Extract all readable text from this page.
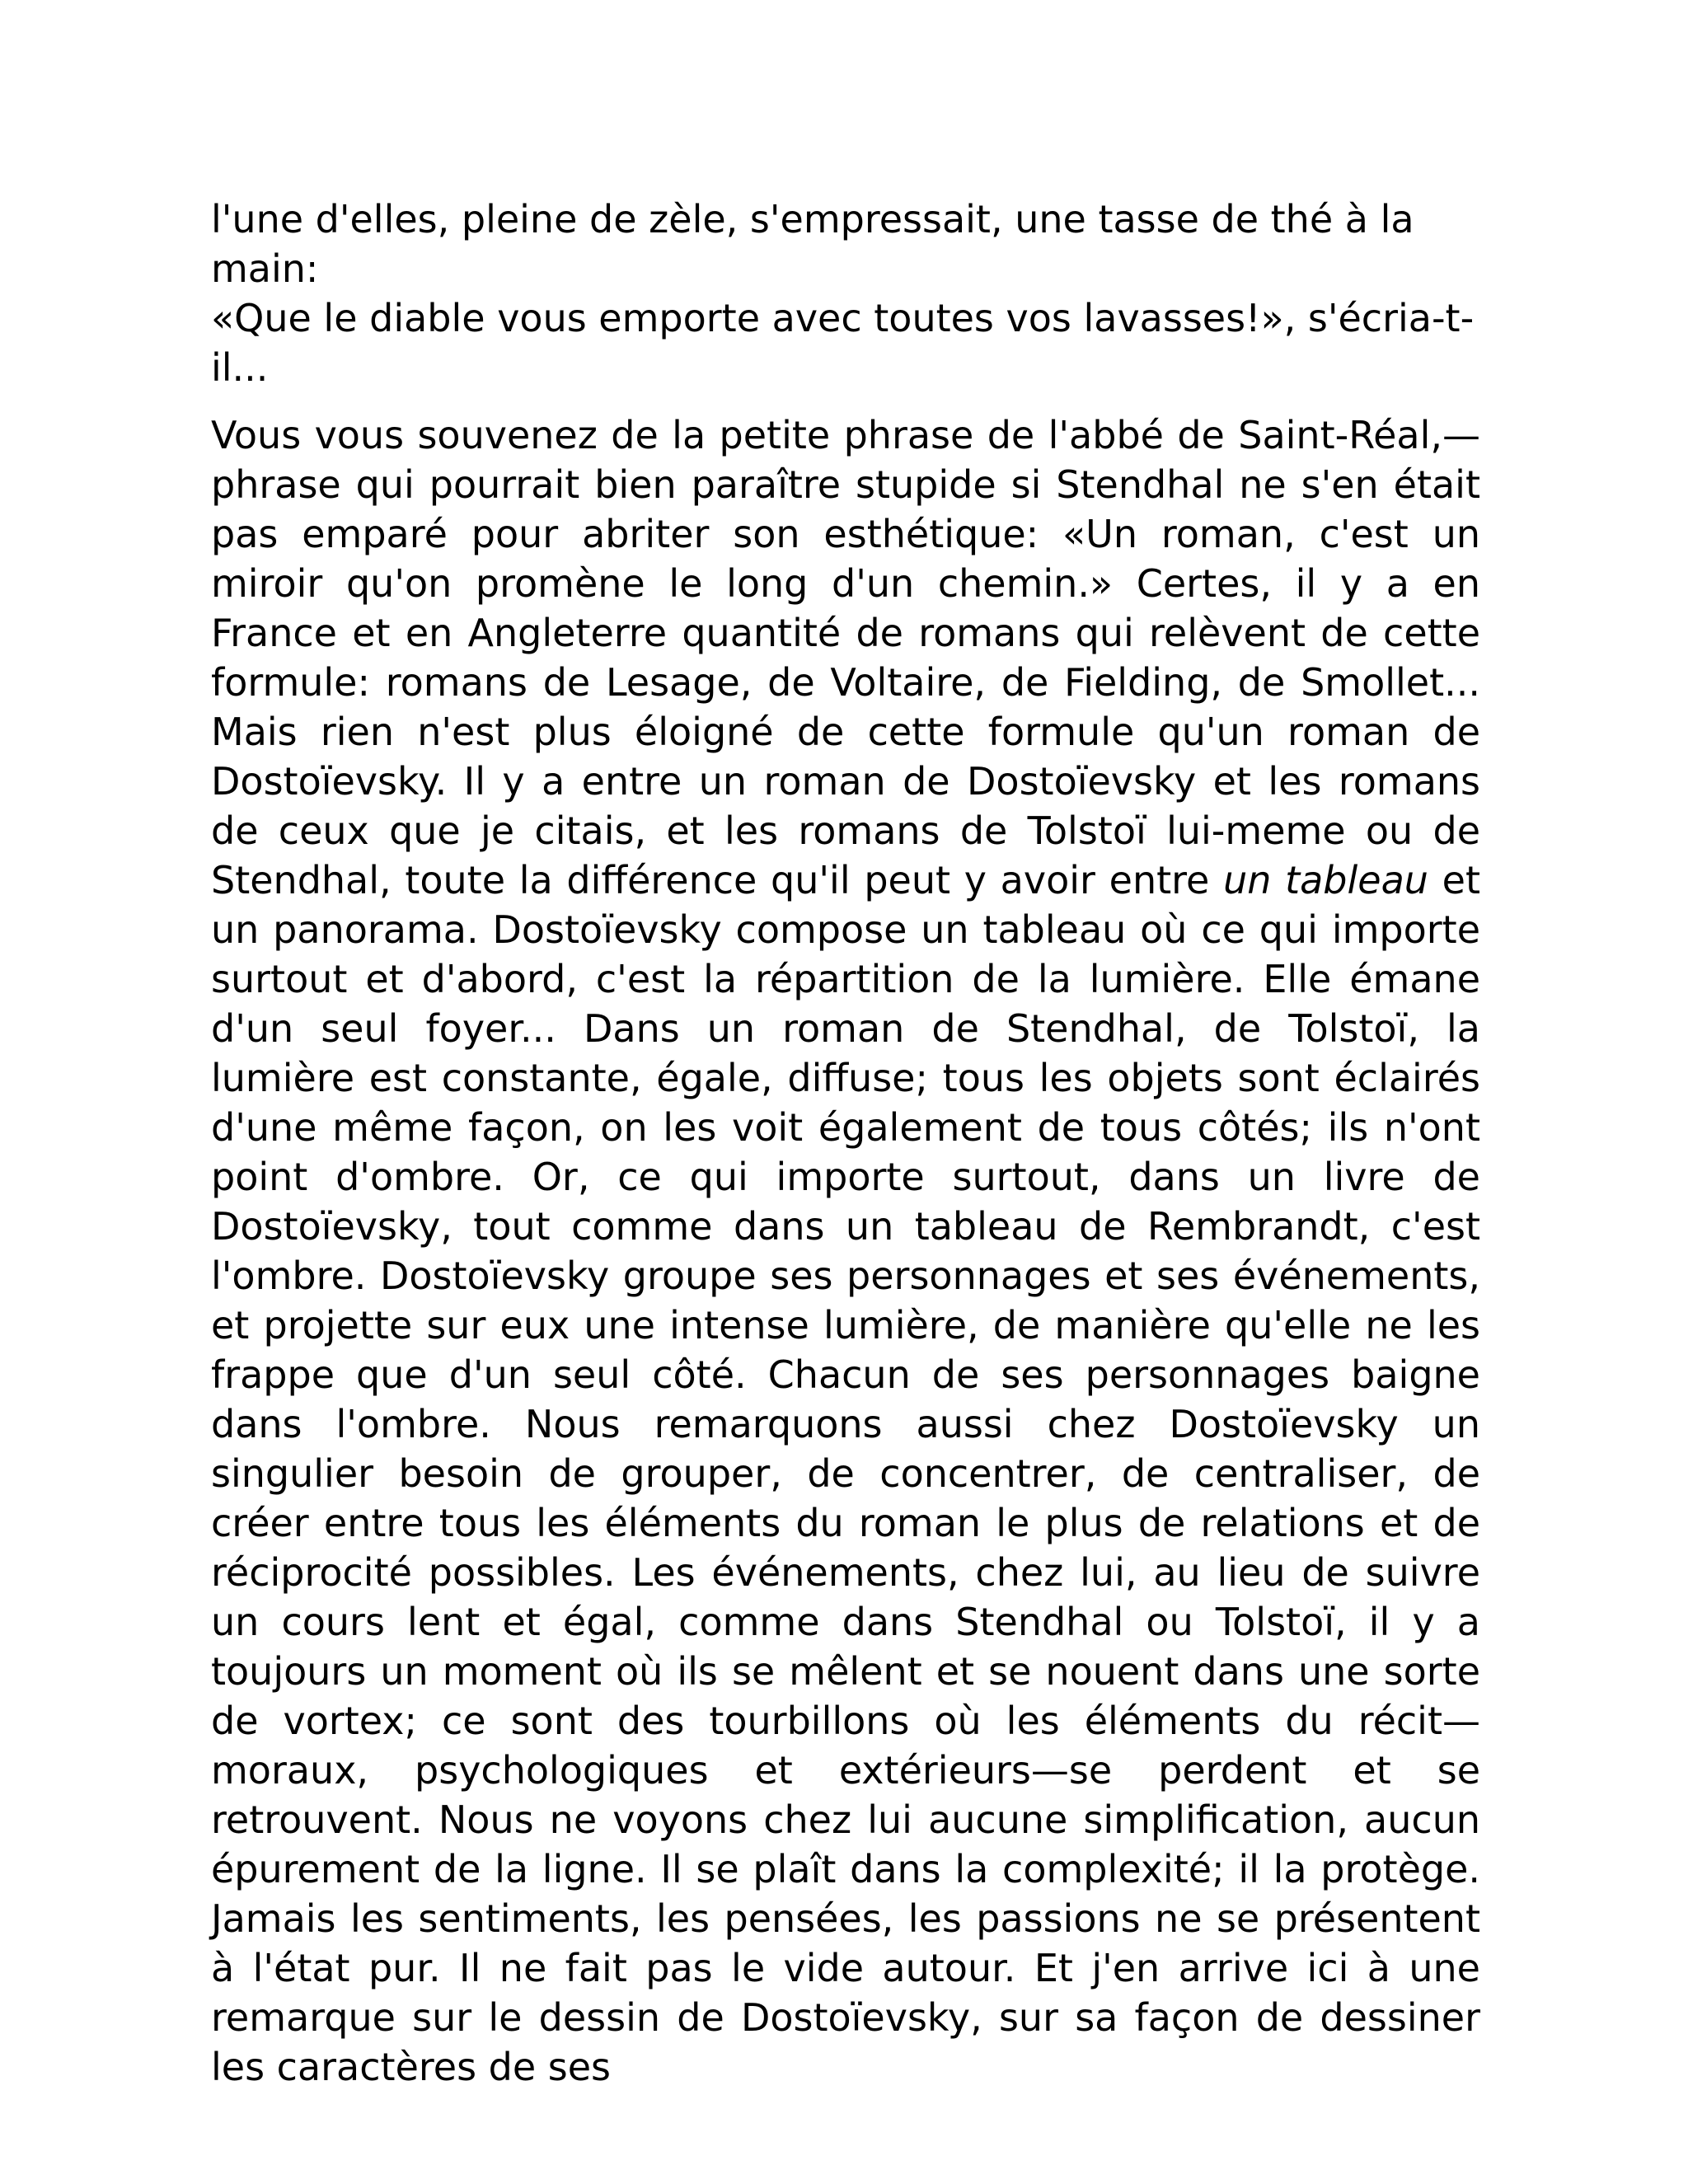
l'une d'elles, pleine de zèle, s'empressait, une tasse de thé à la main:
«Que le diable vous emporte avec toutes vos lavasses!», s'écria-t-il...

Vous vous souvenez de la petite phrase de l'abbé de Saint-Réal,—phrase qui pourrait bien paraître stupide si Stendhal ne s'en était pas emparé pour abriter son esthétique: «Un roman, c'est un miroir qu'on promène le long d'un chemin.» Certes, il y a en France et en Angleterre quantité de romans qui relèvent de cette formule: romans de Lesage, de Voltaire, de Fielding, de Smollet... Mais rien n'est plus éloigné de cette formule qu'un roman de Dostoïevsky. Il y a entre un roman de Dostoïevsky et les romans de ceux que je citais, et les romans de Tolstoï lui-meme ou de Stendhal, toute la différence qu'il peut y avoir entre un tableau et un panorama. Dostoïevsky compose un tableau où ce qui importe surtout et d'abord, c'est la répartition de la lumière. Elle émane d'un seul foyer... Dans un roman de Stendhal, de Tolstoï, la lumière est constante, égale, diffuse; tous les objets sont éclairés d'une même façon, on les voit également de tous côtés; ils n'ont point d'ombre. Or, ce qui importe surtout, dans un livre de Dostoïevsky, tout comme dans un tableau de Rembrandt, c'est l'ombre. Dostoïevsky groupe ses personnages et ses événements, et projette sur eux une intense lumière, de manière qu'elle ne les frappe que d'un seul côté. Chacun de ses personnages baigne dans l'ombre. Nous remarquons aussi chez Dostoïevsky un singulier besoin de grouper, de concentrer, de centraliser, de créer entre tous les éléments du roman le plus de relations et de réciprocité possibles. Les événements, chez lui, au lieu de suivre un cours lent et égal, comme dans Stendhal ou Tolstoï, il y a toujours un moment où ils se mêlent et se nouent dans une sorte de vortex; ce sont des tourbillons où les éléments du récit—moraux, psychologiques et extérieurs—se perdent et se retrouvent. Nous ne voyons chez lui aucune simplification, aucun épurement de la ligne. Il se plaît dans la complexité; il la protège. Jamais les sentiments, les pensées, les passions ne se présentent à l'état pur. Il ne fait pas le vide autour. Et j'en arrive ici à une remarque sur le dessin de Dostoïevsky, sur sa façon de dessiner les caractères de ses
